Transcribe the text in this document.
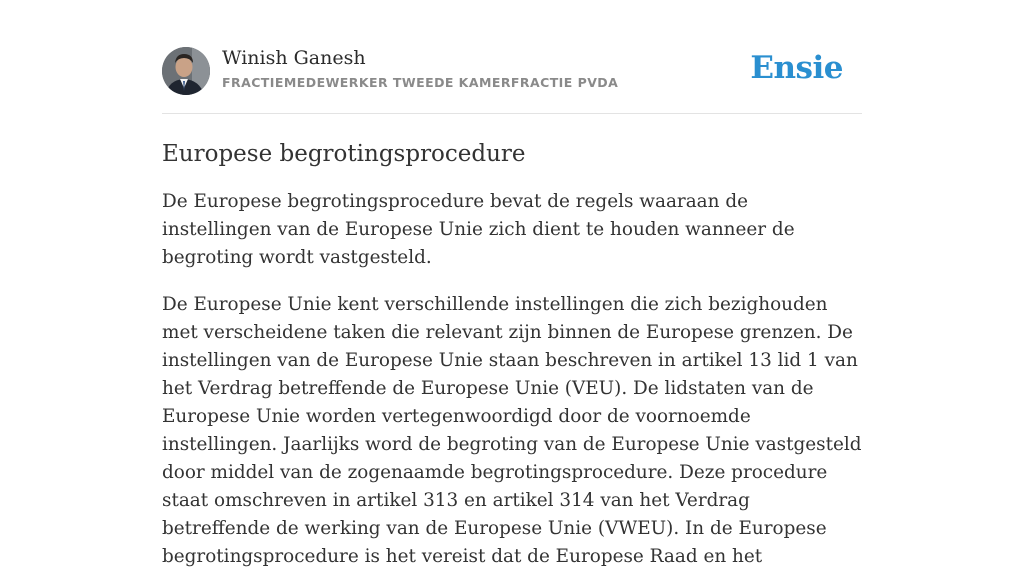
Winish Ganesh
FRACTIEMEDEWERKER TWEEDE KAMERFRACTIE PVDA	Ensie
Europese begrotingsprocedure

De Europese begrotingsprocedure bevat de regels waaraan de instellingen van de Europese Unie zich dient te houden wanneer de begroting wordt vastgesteld.

De Europese Unie kent verschillende instellingen die zich bezighouden met verscheidene taken die relevant zijn binnen de Europese grenzen. De instellingen van de Europese Unie staan beschreven in artikel 13 lid 1 van het Verdrag betreffende de Europese Unie (VEU). De lidstaten van de Europese Unie worden vertegenwoordigd door de voornoemde instellingen. Jaarlijks word de begroting van de Europese Unie vastgesteld door middel van de zogenaamde begrotingsprocedure. Deze procedure staat omschreven in artikel 313 en artikel 314 van het Verdrag betreffende de werking van de Europese Unie (VWEU). In de Europese begrotingsprocedure is het vereist dat de Europese Raad en het
